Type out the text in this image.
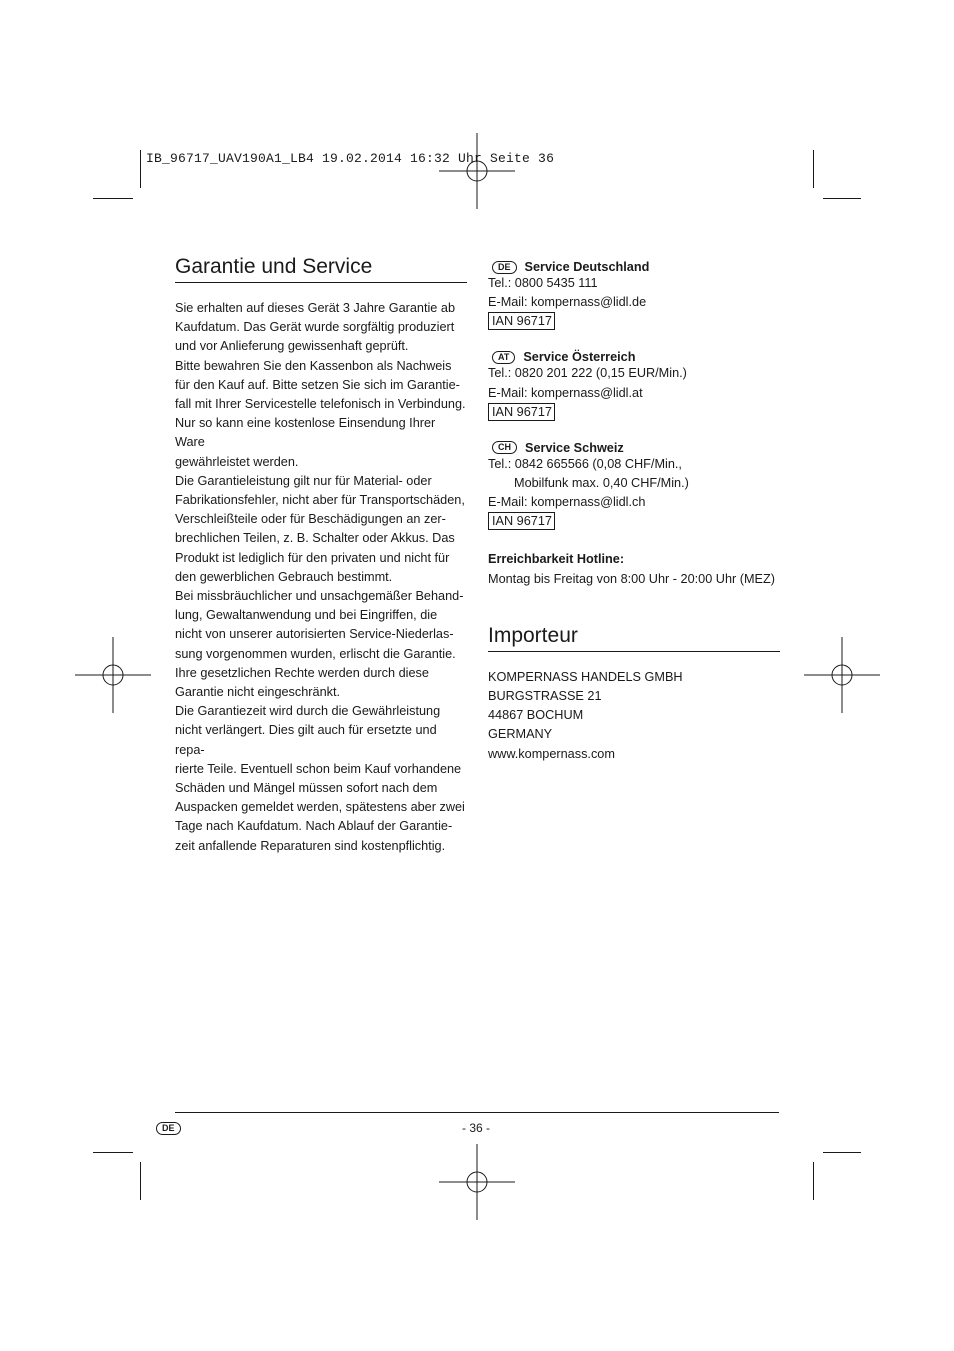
IB_96717_UAV190A1_LB4 19.02.2014 16:32 Uhr Seite 36
Garantie und Service
Sie erhalten auf dieses Gerät 3 Jahre Garantie ab
Kaufdatum. Das Gerät wurde sorgfältig produziert
und vor Anlieferung gewissenhaft geprüft.
Bitte bewahren Sie den Kassenbon als Nachweis
für den Kauf auf. Bitte setzen Sie sich im Garantie-
fall mit Ihrer Servicestelle telefonisch in Verbindung.
Nur so kann eine kostenlose Einsendung Ihrer Ware
gewährleistet werden.
Die Garantieleistung gilt nur für Material- oder
Fabrikationsfehler, nicht aber für Transportschäden,
Verschleißteile oder für Beschädigungen an zer-
brechlichen Teilen, z. B. Schalter oder Akkus. Das
Produkt ist lediglich für den privaten und nicht für
den gewerblichen Gebrauch bestimmt.
Bei missbräuchlicher und unsachgemäßer Behand-
lung, Gewaltanwendung und bei Eingriffen, die
nicht von unserer autorisierten Service-Niederlas-
sung vorgenommen wurden, erlischt die Garantie.
Ihre gesetzlichen Rechte werden durch diese
Garantie nicht eingeschränkt.
Die Garantiezeit wird durch die Gewährleistung
nicht verlängert. Dies gilt auch für ersetzte und repa-
rierte Teile. Eventuell schon beim Kauf vorhandene
Schäden und Mängel müssen sofort nach dem
Auspacken gemeldet werden, spätestens aber zwei
Tage nach Kaufdatum. Nach Ablauf der Garantie-
zeit anfallende Reparaturen sind kostenpflichtig.
DE	Service Deutschland
Tel.: 0800 5435 111
E-Mail: kompernass@lidl.de
IAN 96717
AT	Service Österreich
Tel.: 0820 201 222 (0,15 EUR/Min.)
E-Mail: kompernass@lidl.at
IAN 96717
CH	Service Schweiz
Tel.: 0842 665566 (0,08 CHF/Min.,
Mobilfunk max. 0,40 CHF/Min.)
E-Mail: kompernass@lidl.ch
IAN 96717
Erreichbarkeit Hotline:
Montag bis Freitag von 8:00 Uhr - 20:00 Uhr (MEZ)
Importeur
KOMPERNASS HANDELS GMBH
BURGSTRASSE 21
44867 BOCHUM
GERMANY
www.kompernass.com
DE	- 36 -
